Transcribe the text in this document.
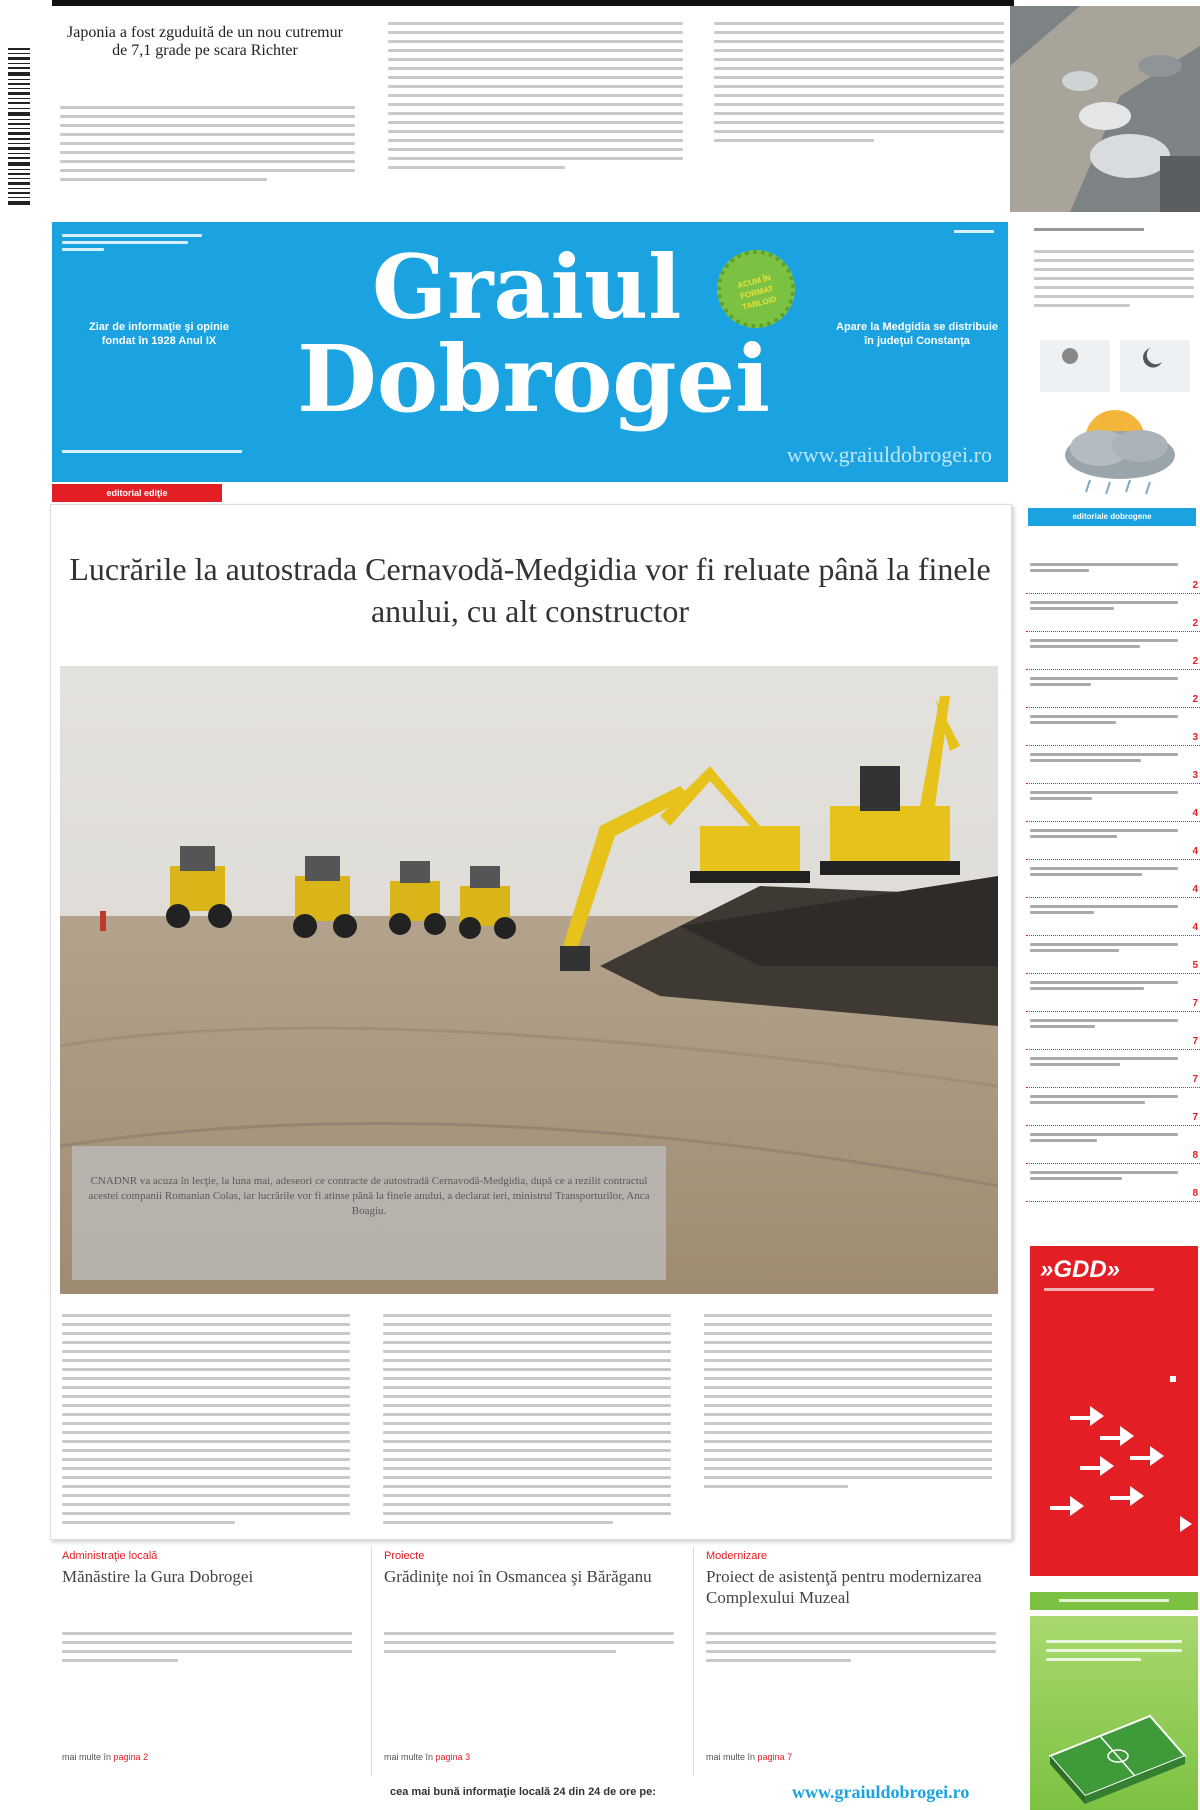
Japonia a fost zguduită de un nou cutremur de 7,1 grade pe scara Richter
Ziar de informaţie şi opinie fondat în 1928 Anul IX
Graiul
Dobrogei
ACUM ÎN FORMAT TABLOID
Apare la Medgidia se distribuie în judeţul Constanţa
www.graiuldobrogei.ro
editorial ediţie
Lucrările la autostrada Cernavodă-Medgidia vor fi reluate până la finele anului, cu alt constructor
CNADNR va acuza în lecţie, la luna mai, adeseori ce contracte de autostradă Cernavodă-Medgidia, după ce a rezilit contractul acestei companii Romanian Colas, iar lucrările vor fi atinse până la finele anului, a declarat ieri, ministrul Transporturilor, Anca Boagiu.
Administraţie locală
Mănăstire la Gura Dobrogei
mai multe în pagina 2
Proiecte
Grădiniţe noi în Osmancea şi Bărăganu
mai multe în pagina 3
Modernizare
Proiect de asistenţă pentru modernizarea Complexului Muzeal
mai multe în pagina 7
cea mai bună informaţie locală 24 din 24 de ore pe:	www.graiuldobrogei.ro
editoriale dobrogene
2
2
2
2
3
3
4
4
4
4
5
7
7
7
7
8
8
»GDD»
